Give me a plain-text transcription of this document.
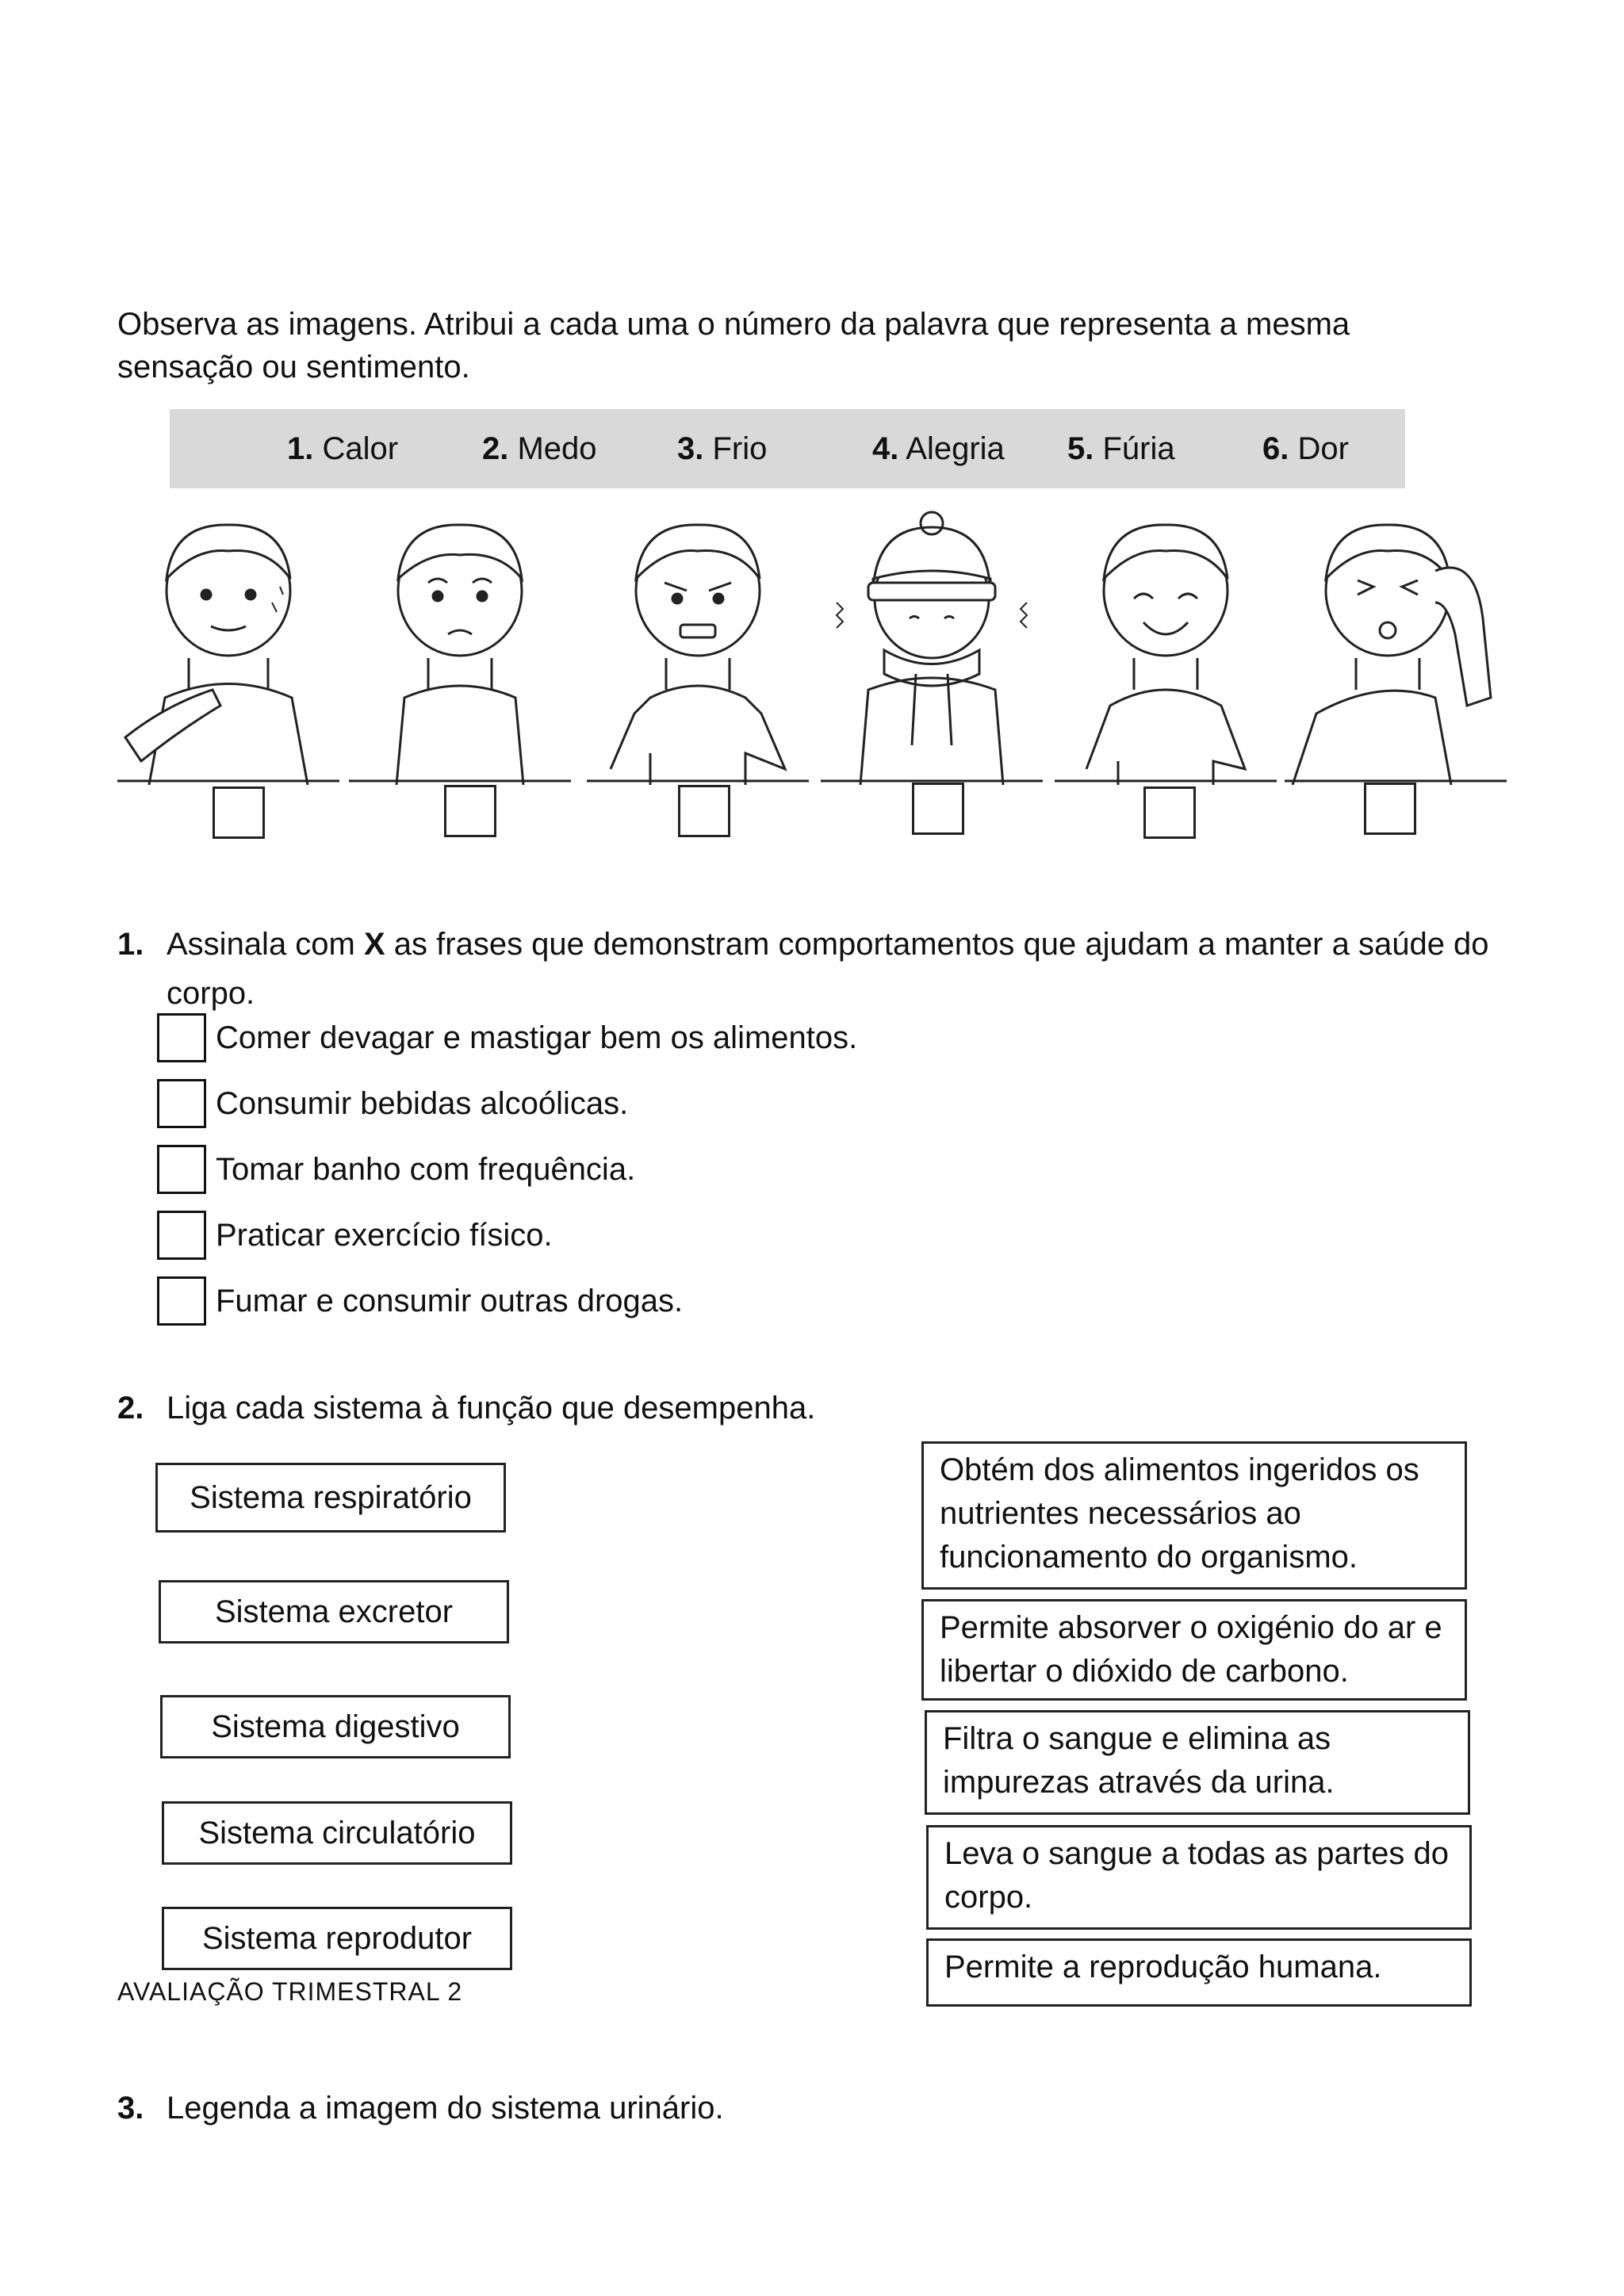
Observa as imagens. Atribui a cada uma o número da palavra que representa a mesma sensação ou sentimento.
1. Calor	2. Medo	3. Frio	4. Alegria 5. Fúria	6. Dor
1. Assinala com X as frases que demonstram comportamentos que ajudam a manter a saúde do
corpo.
Comer devagar e mastigar bem os alimentos.
Consumir bebidas alcoólicas.
Tomar banho com frequência.
Praticar exercício físico.
Fumar e consumir outras drogas.
2. Liga cada sistema à função que desempenha.
Sistema respiratório
Sistema excretor
Sistema digestivo
Sistema circulatório
Sistema reprodutor
Obtém dos alimentos ingeridos os nutrientes necessários ao funcionamento do organismo.
Permite absorver o oxigénio do ar e libertar o dióxido de carbono.
Filtra o sangue e elimina as impurezas através da urina.
Leva o sangue a todas as partes do corpo.
Permite a reprodução humana.
AVALIAÇÃO TRIMESTRAL 2
3. Legenda a imagem do sistema urinário.
